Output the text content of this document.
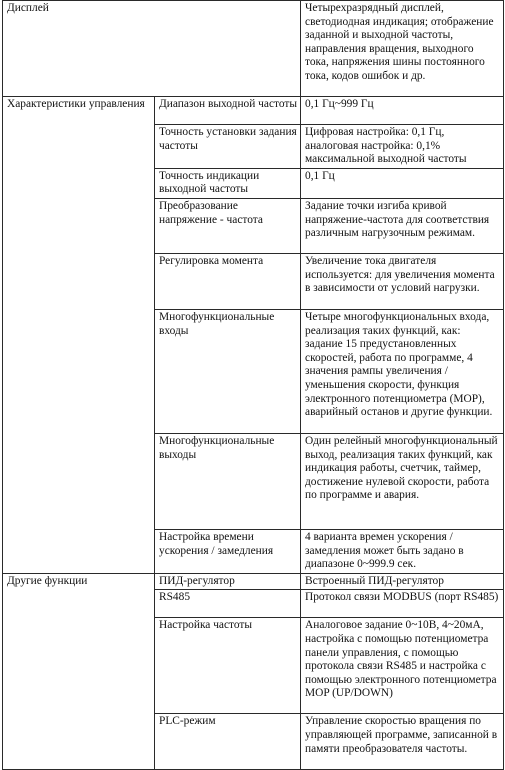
Дисплей		Четырехразрядный дисплей, светодиодная индикация; отображение заданной и выходной частоты, направления вращения, выходного тока, напряжения шины постоянного тока, кодов ошибок и др.
Характеристики управления	Диапазон выходной частоты	0,1 Гц~999 Гц
	Точность установки задания частоты	Цифровая настройка: 0,1 Гц, аналоговая настройка: 0,1% максимальной выходной частоты
	Точность индикации выходной частоты	0,1 Гц
	Преобразование напряжение - частота	Задание точки изгиба кривой напряжение-частота для соответствия различным нагрузочным режимам.
	Регулировка момента	Увеличение тока двигателя используется: для увеличения момента в зависимости от условий нагрузки.
	Многофункциональные входы	Четыре многофункциональных входа, реализация таких функций, как: задание 15 предустановленных скоростей, работа по программе, 4 значения рампы увеличения / уменьшения скорости, функция электронного потенциометра (MOP), аварийный останов и другие функции.
	Многофункциональные выходы	Один релейный многофункциональный выход, реализация таких функций, как индикация работы, счетчик, таймер, достижение нулевой скорости, работа по программе и авария.
	Настройка времени ускорения / замедления	4 варианта времен ускорения / замедления может быть задано в диапазоне 0~999.9 сек.
Другие функции	ПИД-регулятор	Встроенный ПИД-регулятор
	RS485	Протокол связи MODBUS (порт RS485)
	Настройка частоты	Аналоговое задание 0~10В, 4~20мА, настройка с помощью потенциометра панели управления, с помощью протокола связи RS485 и настройка с помощью электронного потенциометра MOP (UP/DOWN)
	PLC-режим	Управление скоростью вращения по управляющей программе, записанной в памяти преобразователя частоты.
